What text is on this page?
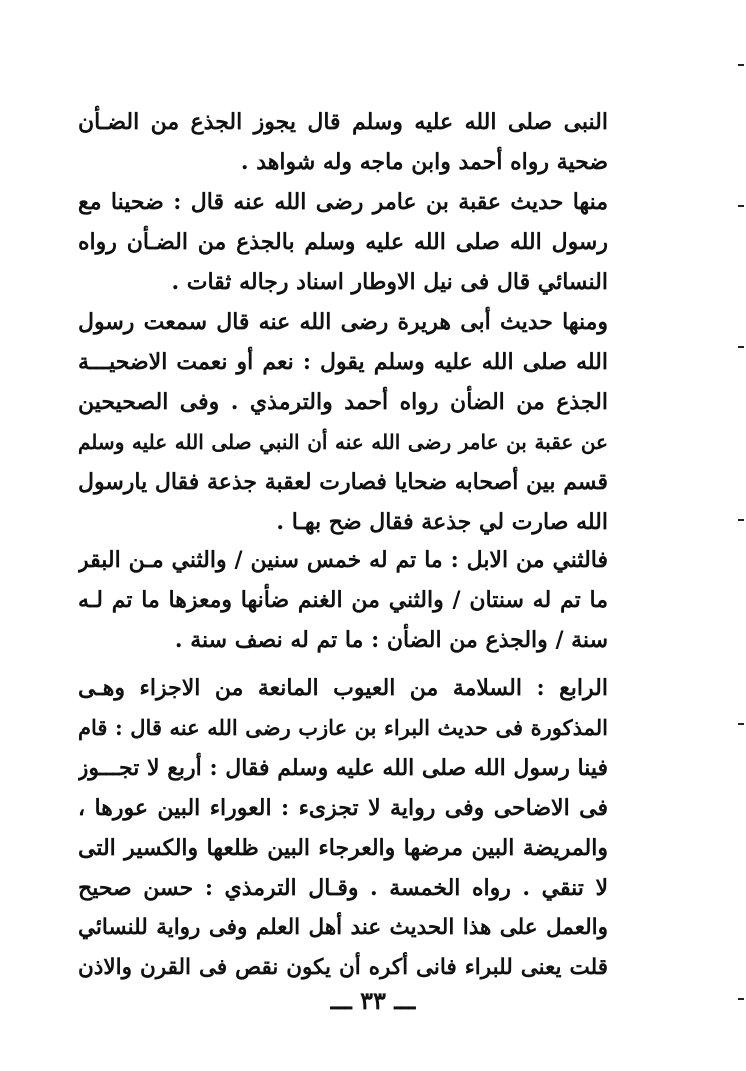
النبى صلى الله عليه وسلم قال يجوز الجذع من الضـأن
ضحية رواه أحمد وابن ماجه وله شواهد .
منها حديث عقبة بن عامر رضى الله عنه قال : ضحينا مع
رسول الله صلى الله عليه وسلم بالجذع من الضـأن رواه
النسائي قال فى نيل الاوطار اسناد رجاله ثقات .
ومنها حديث أبى هريرة رضى الله عنه قال سمعت رسول
الله صلى الله عليه وسلم يقول : نعم أو نعمت الاضحيـــة
الجذع من الضأن رواه أحمد والترمذي . وفى الصحيحين
عن عقبة بن عامر رضى الله عنه أن النبي صلى الله عليه وسلم
قسم بين أصحابه ضحايا فصارت لعقبة جذعة فقال يارسول
الله صارت لي جذعة فقال ضح بهـا .
فالثني من الابل : ما تم له خمس سنين / والثني مـن البقر
ما تم له سنتان / والثني من الغنم ضأنها ومعزها ما تم لـه
سنة / والجذع من الضأن : ما تم له نصف سنة .
الرابع : السلامة من العيوب المانعة من الاجزاء وهـى
المذكورة فى حديث البراء بن عازب رضى الله عنه قال : قام
فينا رسول الله صلى الله عليه وسلم فقال : أربع لا تجـــوز
فى الاضاحى وفى رواية لا تجزىء : العوراء البين عورها ،
والمريضة البين مرضها والعرجاء البين ظلعها والكسير التى
لا تنقي . رواه الخمسة . وقـال الترمذي : حسن صحيح
والعمل على هذا الحديث عند أهل العلم وفى رواية للنسائي
قلت يعنى للبراء فانى أكره أن يكون نقص فى القرن والاذن
ـــ ٣٣ ـــ
